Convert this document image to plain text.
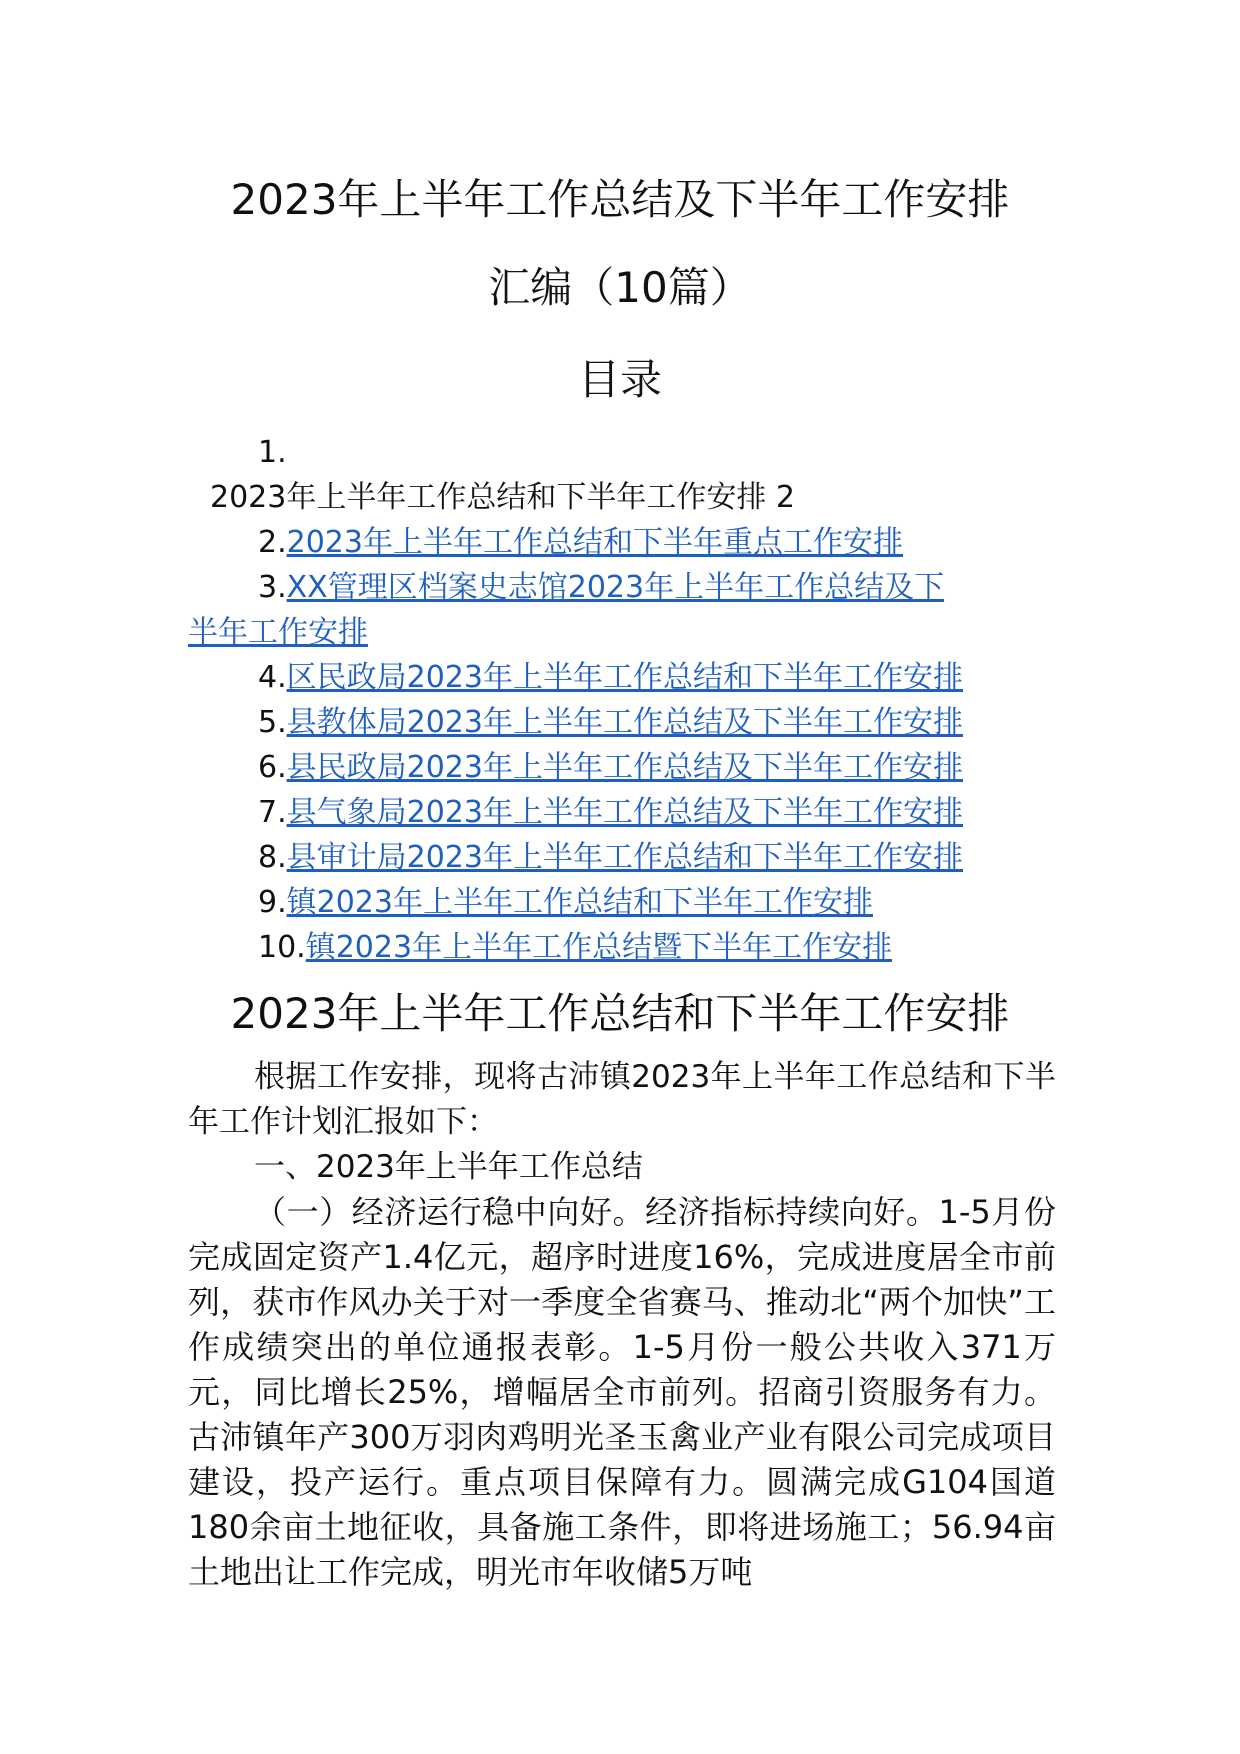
2023年上半年工作总结及下半年工作安排
汇编（10篇）
目录
1.
2023年上半年工作总结和下半年工作安排 2
2.2023年上半年工作总结和下半年重点工作安排
3.XX管理区档案史志馆2023年上半年工作总结及下
半年工作安排
4.区民政局2023年上半年工作总结和下半年工作安排
5.县教体局2023年上半年工作总结及下半年工作安排
6.县民政局2023年上半年工作总结及下半年工作安排
7.县气象局2023年上半年工作总结及下半年工作安排
8.县审计局2023年上半年工作总结和下半年工作安排
9.镇2023年上半年工作总结和下半年工作安排
10.镇2023年上半年工作总结暨下半年工作安排
2023年上半年工作总结和下半年工作安排

根据工作安排，现将古沛镇2023年上半年工作总结和下半年工作计划汇报如下：

一、2023年上半年工作总结

（一）经济运行稳中向好。经济指标持续向好。1-5月份完成固定资产1.4亿元，超序时进度16%，完成进度居全市前列，获市作风办关于对一季度全省赛马、推动北“两个加快”工作成绩突出的单位通报表彰。1-5月份一般公共收入371万元，同比增长25%，增幅居全市前列。招商引资服务有力。古沛镇年产300万羽肉鸡明光圣玉禽业产业有限公司完成项目建设，投产运行。重点项目保障有力。圆满完成G104国道180余亩土地征收，具备施工条件，即将进场施工；56.94亩土地出让工作完成，明光市年收储5万吨
